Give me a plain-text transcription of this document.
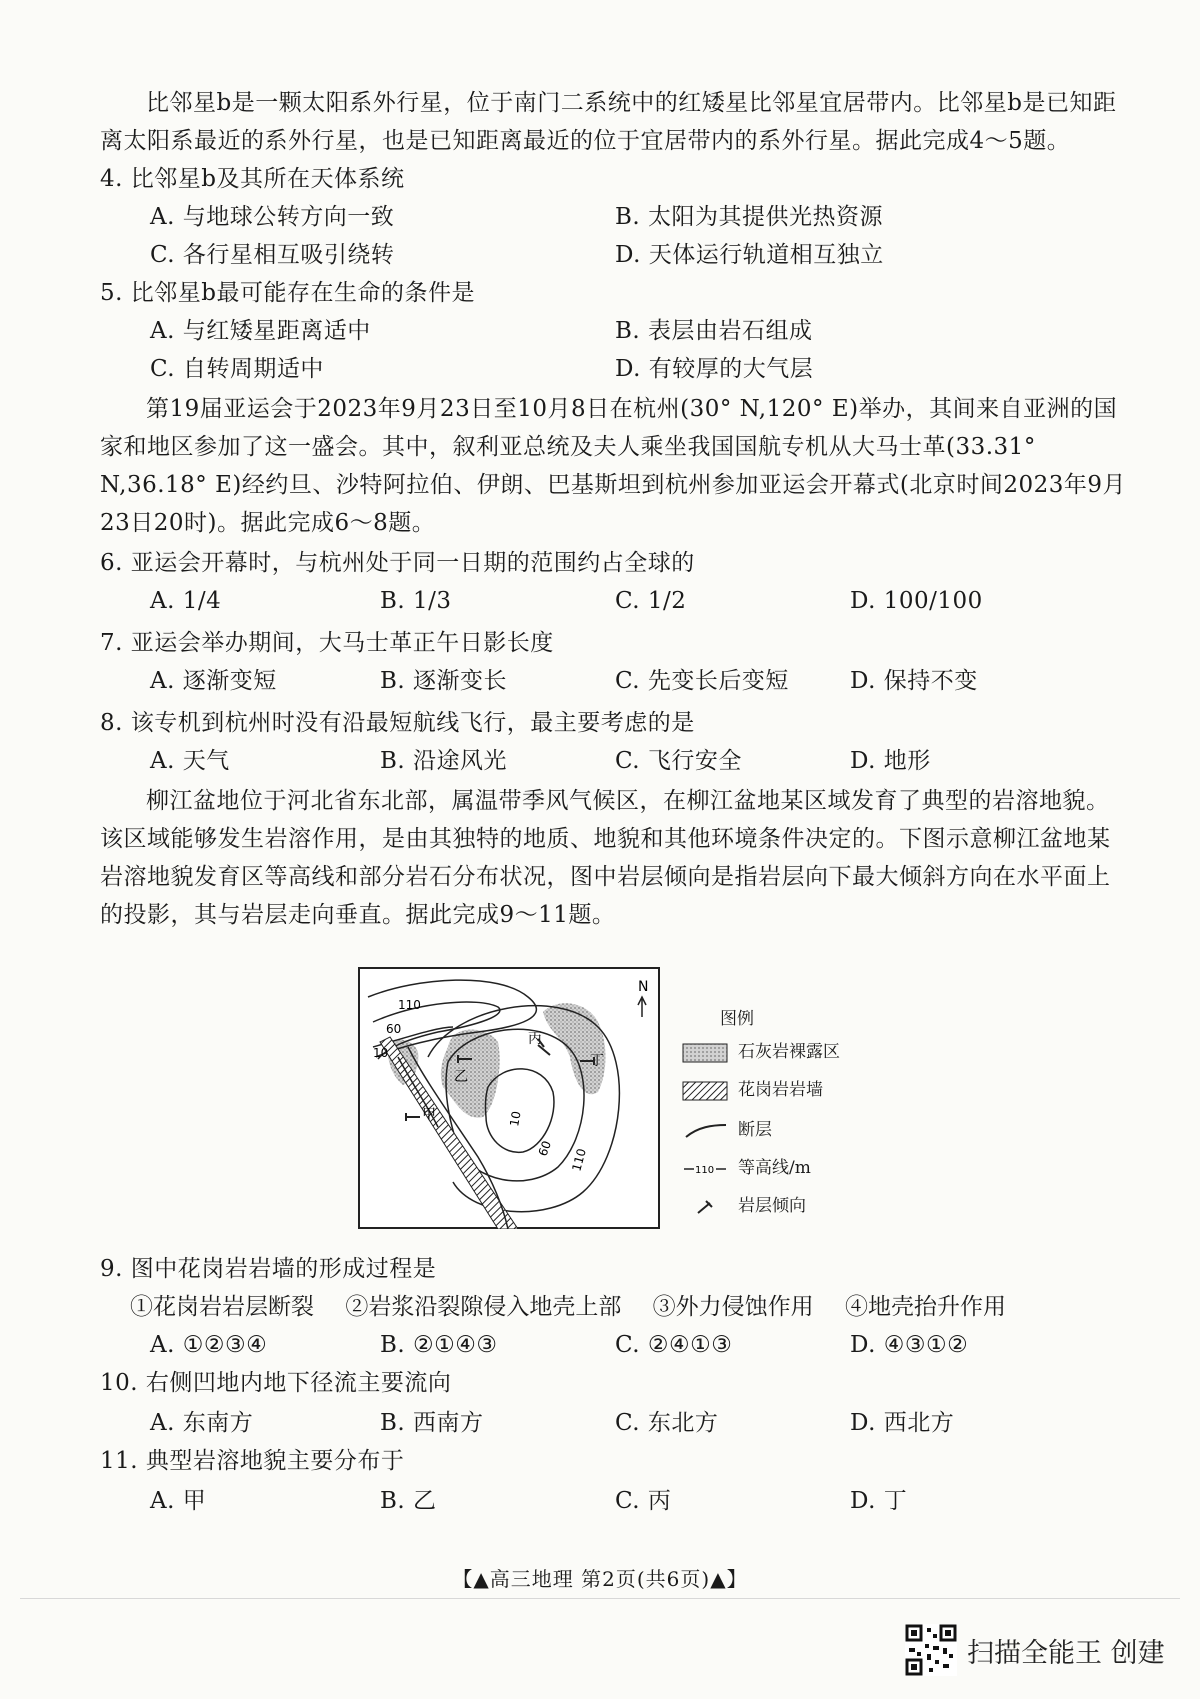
比邻星b是一颗太阳系外行星，位于南门二系统中的红矮星比邻星宜居带内。比邻星b是已知距离太阳系最近的系外行星，也是已知距离最近的位于宜居带内的系外行星。据此完成4～5题。
4. 比邻星b及其所在天体系统
A. 与地球公转方向一致	B. 太阳为其提供光热资源
C. 各行星相互吸引绕转	D. 天体运行轨道相互独立
5. 比邻星b最可能存在生命的条件是
A. 与红矮星距离适中	B. 表层由岩石组成
C. 自转周期适中	D. 有较厚的大气层
第19届亚运会于2023年9月23日至10月8日在杭州(30° N,120° E)举办，其间来自亚洲的国家和地区参加了这一盛会。其中，叙利亚总统及夫人乘坐我国国航专机从大马士革(33.31° N,36.18° E)经约旦、沙特阿拉伯、伊朗、巴基斯坦到杭州参加亚运会开幕式(北京时间2023年9月23日20时)。据此完成6～8题。
6. 亚运会开幕时，与杭州处于同一日期的范围约占全球的
A. 1/4	B. 1/3	C. 1/2	D. 100/100
7. 亚运会举办期间，大马士革正午日影长度
A. 逐渐变短	B. 逐渐变长	C. 先变长后变短	D. 保持不变
8. 该专机到杭州时没有沿最短航线飞行，最主要考虑的是
A. 天气	B. 沿途风光	C. 飞行安全	D. 地形
柳江盆地位于河北省东北部，属温带季风气候区，在柳江盆地某区域发育了典型的岩溶地貌。该区域能够发生岩溶作用，是由其独特的地质、地貌和其他环境条件决定的。下图示意柳江盆地某岩溶地貌发育区等高线和部分岩石分布状况，图中岩层倾向是指岩层向下最大倾斜方向在水平面上的投影，其与岩层走向垂直。据此完成9～11题。
110
60
10
10
60 110
甲
乙
丙
丁
N
图例
石灰岩裸露区
花岗岩岩墙
断层
110 等高线/m
岩层倾向
9. 图中花岗岩岩墙的形成过程是
①花岗岩岩层断裂 ②岩浆沿裂隙侵入地壳上部 ③外力侵蚀作用 ④地壳抬升作用
A. ①②③④	B. ②①④③	C. ②④①③	D. ④③①②
10. 右侧凹地内地下径流主要流向
A. 东南方	B. 西南方	C. 东北方	D. 西北方
11. 典型岩溶地貌主要分布于
A. 甲	B. 乙	C. 丙	D. 丁
【▲高三地理 第2页(共6页)▲】
扫描全能王 创建
